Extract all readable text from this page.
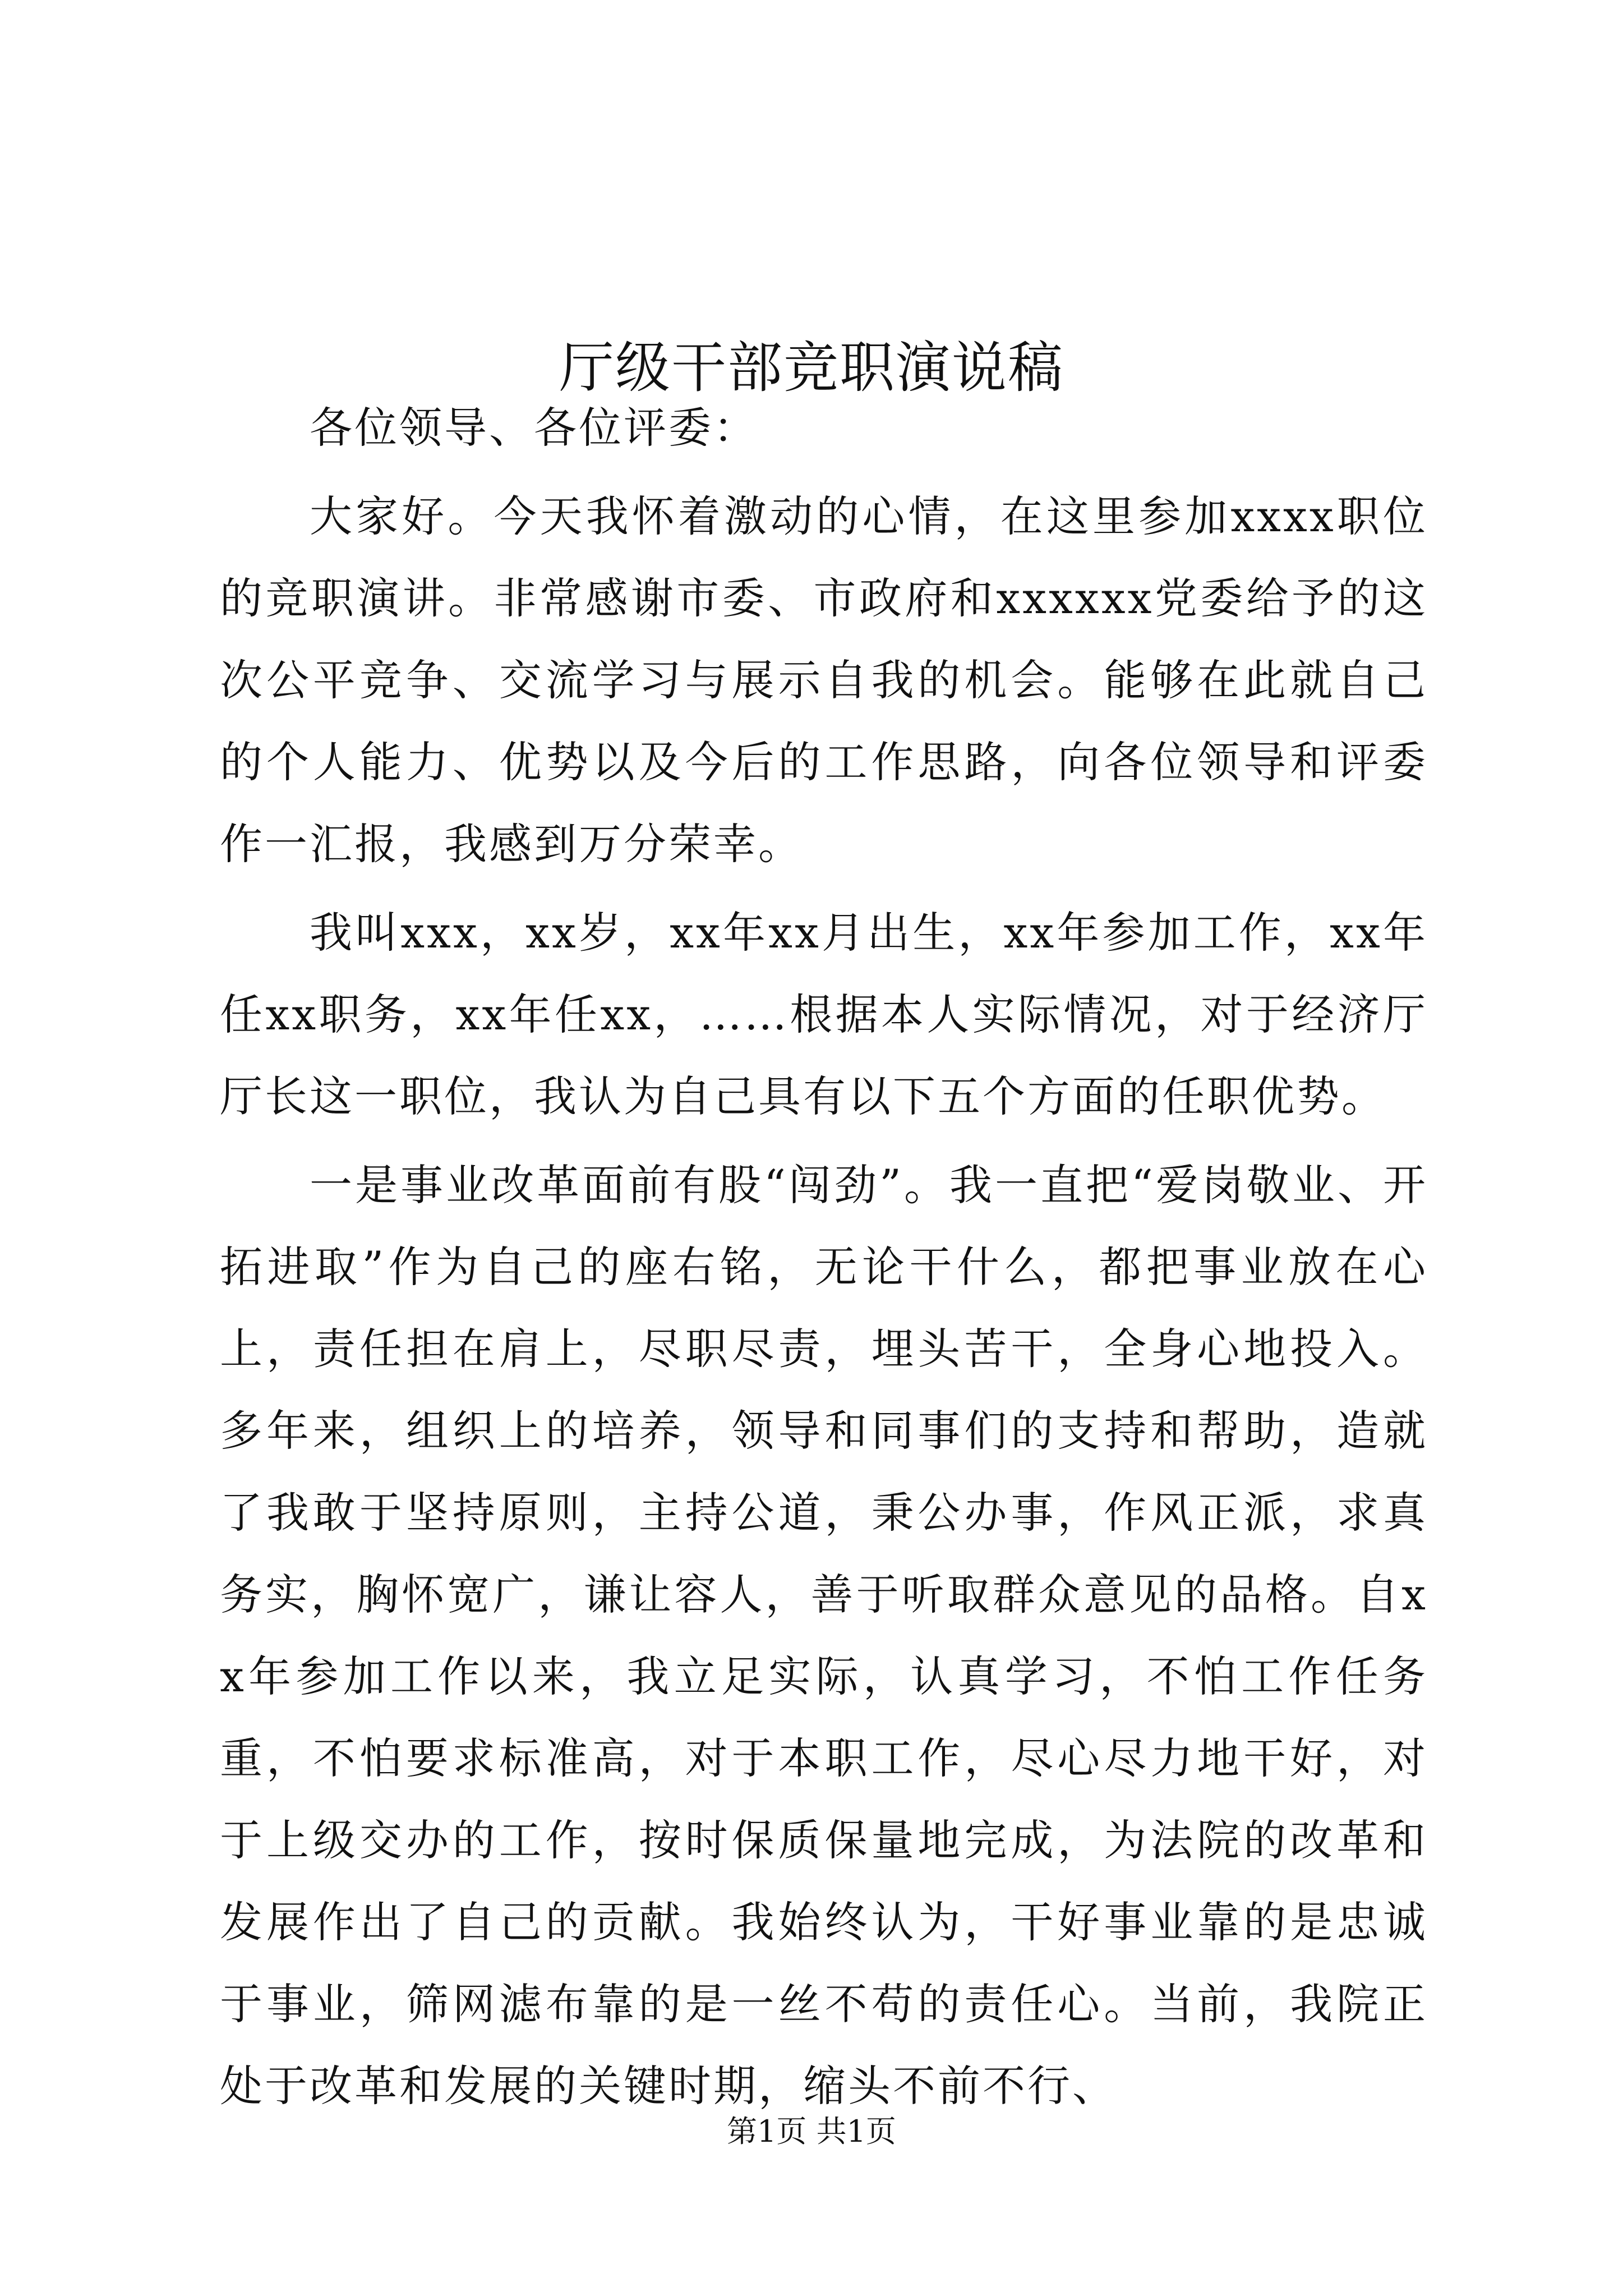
厅级干部竞职演说稿

各位领导、各位评委：

大家好。今天我怀着激动的心情，在这里参加xxxx职位的竞职演讲。非常感谢市委、市政府和xxxxxx党委给予的这次公平竞争、交流学习与展示自我的机会。能够在此就自己的个人能力、优势以及今后的工作思路，向各位领导和评委作一汇报，我感到万分荣幸。

我叫xxx，xx岁，xx年xx月出生，xx年参加工作，xx年任xx职务，xx年任xx，……根据本人实际情况，对于经济厅厅长这一职位，我认为自己具有以下五个方面的任职优势。

一是事业改革面前有股“闯劲”。我一直把“爱岗敬业、开拓进取”作为自己的座右铭，无论干什么，都把事业放在心上，责任担在肩上，尽职尽责，埋头苦干，全身心地投入。多年来，组织上的培养，领导和同事们的支持和帮助，造就了我敢于坚持原则，主持公道，秉公办事，作风正派，求真务实，胸怀宽广，谦让容人，善于听取群众意见的品格。自xx年参加工作以来，我立足实际，认真学习，不怕工作任务重，不怕要求标准高，对于本职工作，尽心尽力地干好，对于上级交办的工作，按时保质保量地完成，为法院的改革和发展作出了自己的贡献。我始终认为，干好事业靠的是忠诚于事业，筛网滤布靠的是一丝不苟的责任心。当前，我院正处于改革和发展的关键时期，缩头不前不行、

第1页 共1页
